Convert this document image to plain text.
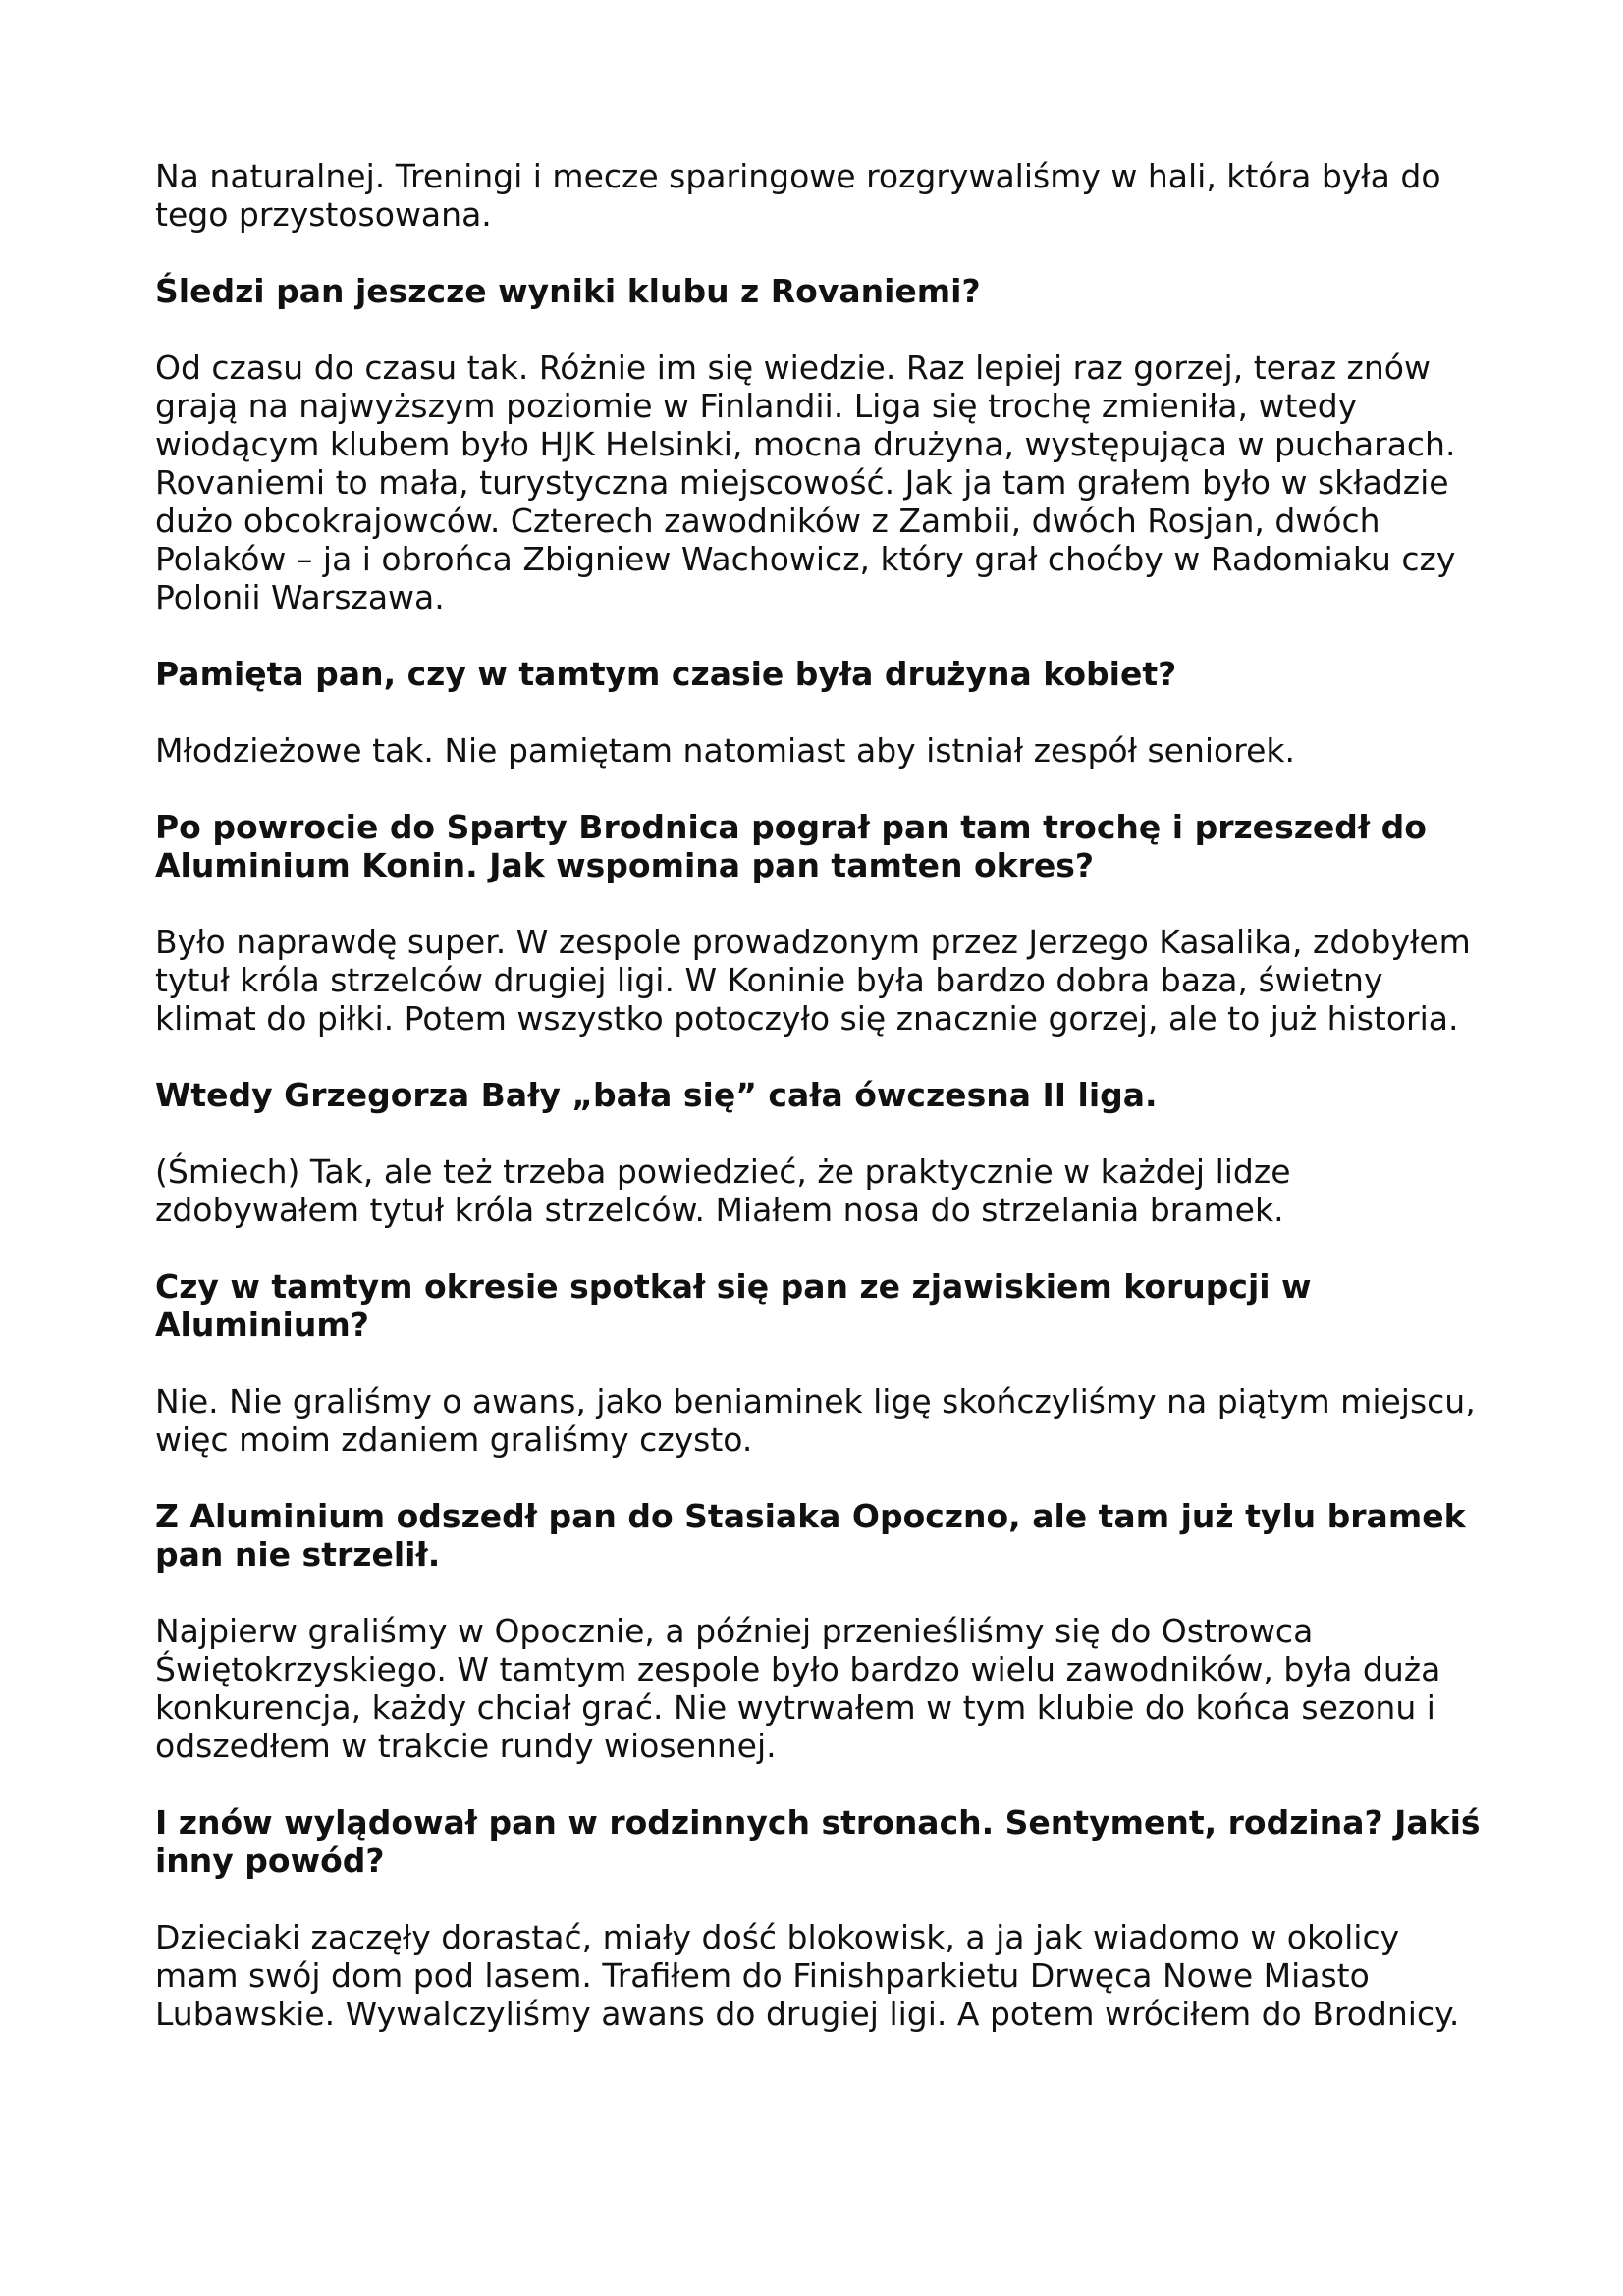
Na naturalnej. Treningi i mecze sparingowe rozgrywaliśmy w hali, która była do tego przystosowana.

Śledzi pan jeszcze wyniki klubu z Rovaniemi?

Od czasu do czasu tak. Różnie im się wiedzie. Raz lepiej raz gorzej, teraz znów grają na najwyższym poziomie w Finlandii. Liga się trochę zmieniła, wtedy wiodącym klubem było HJK Helsinki, mocna drużyna, występująca w pucharach. Rovaniemi to mała, turystyczna miejscowość. Jak ja tam grałem było w składzie dużo obcokrajowców. Czterech zawodników z Zambii, dwóch Rosjan, dwóch Polaków – ja i obrońca Zbigniew Wachowicz, który grał choćby w Radomiaku czy Polonii Warszawa.

Pamięta pan, czy w tamtym czasie była drużyna kobiet?

Młodzieżowe tak. Nie pamiętam natomiast aby istniał zespół seniorek.

Po powrocie do Sparty Brodnica pograł pan tam trochę i przeszedł do Aluminium Konin. Jak wspomina pan tamten okres?

Było naprawdę super. W zespole prowadzonym przez Jerzego Kasalika, zdobyłem tytuł króla strzelców drugiej ligi. W Koninie była bardzo dobra baza, świetny klimat do piłki. Potem wszystko potoczyło się znacznie gorzej, ale to już historia.

Wtedy Grzegorza Bały „bała się” cała ówczesna II liga.

(Śmiech) Tak, ale też trzeba powiedzieć, że praktycznie w każdej lidze zdobywałem tytuł króla strzelców. Miałem nosa do strzelania bramek.

Czy w tamtym okresie spotkał się pan ze zjawiskiem korupcji w Aluminium?

Nie. Nie graliśmy o awans, jako beniaminek ligę skończyliśmy na piątym miejscu, więc moim zdaniem graliśmy czysto.

Z Aluminium odszedł pan do Stasiaka Opoczno, ale tam już tylu bramek pan nie strzelił.

Najpierw graliśmy w Opocznie, a później przenieśliśmy się do Ostrowca Świętokrzyskiego. W tamtym zespole było bardzo wielu zawodników, była duża konkurencja, każdy chciał grać. Nie wytrwałem w tym klubie do końca sezonu i odszedłem w trakcie rundy wiosennej.

I znów wylądował pan w rodzinnych stronach. Sentyment, rodzina? Jakiś inny powód?

Dzieciaki zaczęły dorastać, miały dość blokowisk, a ja jak wiadomo w okolicy mam swój dom pod lasem. Trafiłem do Finishparkietu Drwęca Nowe Miasto Lubawskie. Wywalczyliśmy awans do drugiej ligi. A potem wróciłem do Brodnicy.
